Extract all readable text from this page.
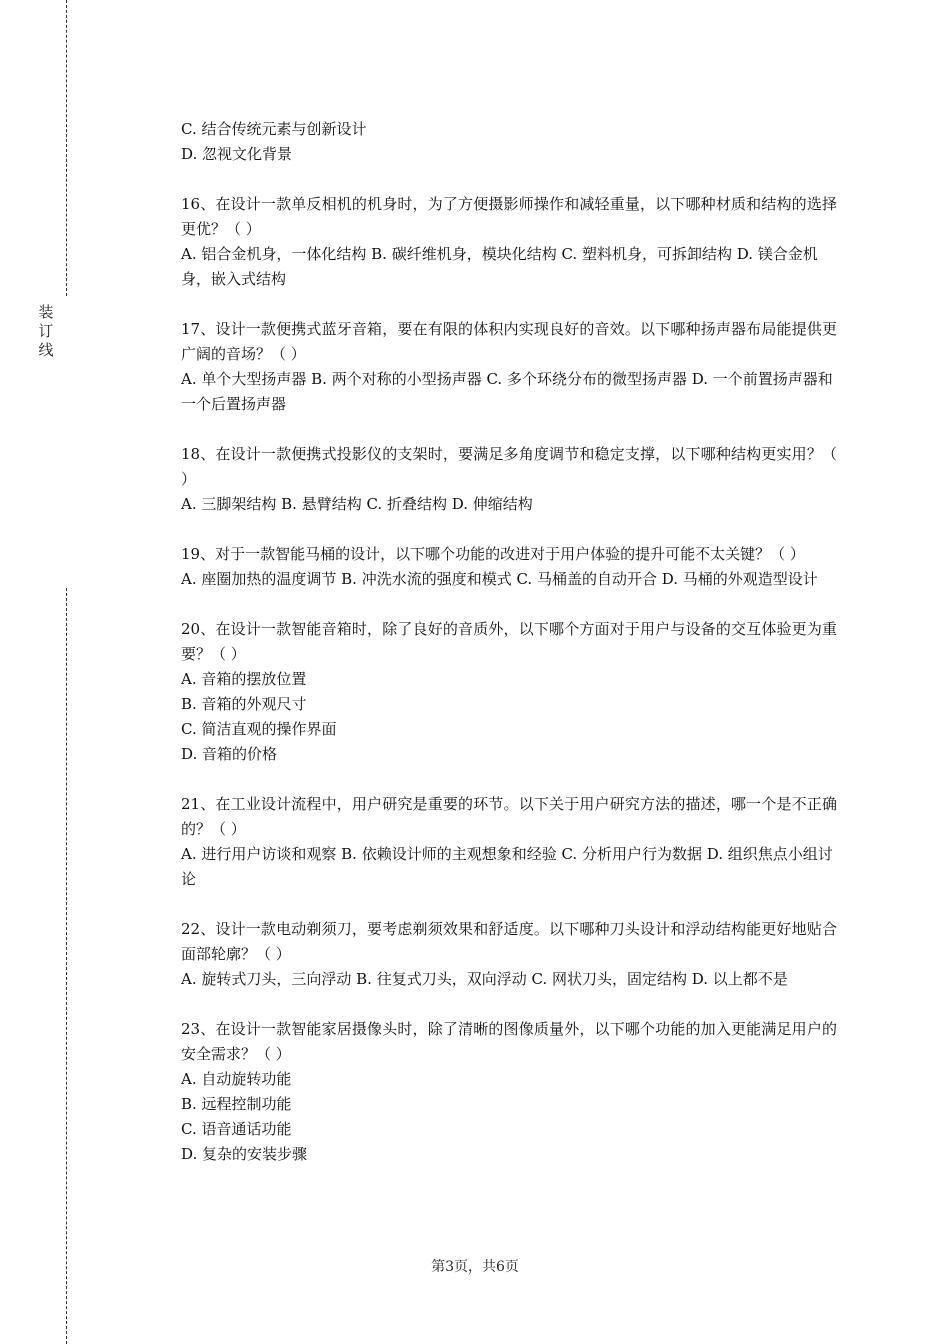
装
订
线
C. 结合传统元素与创新设计
D. 忽视文化背景
16、在设计一款单反相机的机身时，为了方便摄影师操作和减轻重量，以下哪种材质和结构的选择更优？（ ）
A. 铝合金机身，一体化结构 B. 碳纤维机身，模块化结构 C. 塑料机身，可拆卸结构 D. 镁合金机身，嵌入式结构
17、设计一款便携式蓝牙音箱，要在有限的体积内实现良好的音效。以下哪种扬声器布局能提供更广阔的音场？（ ）
A. 单个大型扬声器 B. 两个对称的小型扬声器 C. 多个环绕分布的微型扬声器 D. 一个前置扬声器和一个后置扬声器
18、在设计一款便携式投影仪的支架时，要满足多角度调节和稳定支撑，以下哪种结构更实用？（ ）
A. 三脚架结构 B. 悬臂结构 C. 折叠结构 D. 伸缩结构
19、对于一款智能马桶的设计，以下哪个功能的改进对于用户体验的提升可能不太关键？（ ）
A. 座圈加热的温度调节 B. 冲洗水流的强度和模式 C. 马桶盖的自动开合 D. 马桶的外观造型设计
20、在设计一款智能音箱时，除了良好的音质外，以下哪个方面对于用户与设备的交互体验更为重要？（ ）
A. 音箱的摆放位置
B. 音箱的外观尺寸
C. 简洁直观的操作界面
D. 音箱的价格
21、在工业设计流程中，用户研究是重要的环节。以下关于用户研究方法的描述，哪一个是不正确的？（ ）
A. 进行用户访谈和观察 B. 依赖设计师的主观想象和经验 C. 分析用户行为数据 D. 组织焦点小组讨论
22、设计一款电动剃须刀，要考虑剃须效果和舒适度。以下哪种刀头设计和浮动结构能更好地贴合面部轮廓？（ ）
A. 旋转式刀头，三向浮动 B. 往复式刀头，双向浮动 C. 网状刀头，固定结构 D. 以上都不是
23、在设计一款智能家居摄像头时，除了清晰的图像质量外，以下哪个功能的加入更能满足用户的安全需求？（ ）
A. 自动旋转功能
B. 远程控制功能
C. 语音通话功能
D. 复杂的安装步骤
第3页，共6页
